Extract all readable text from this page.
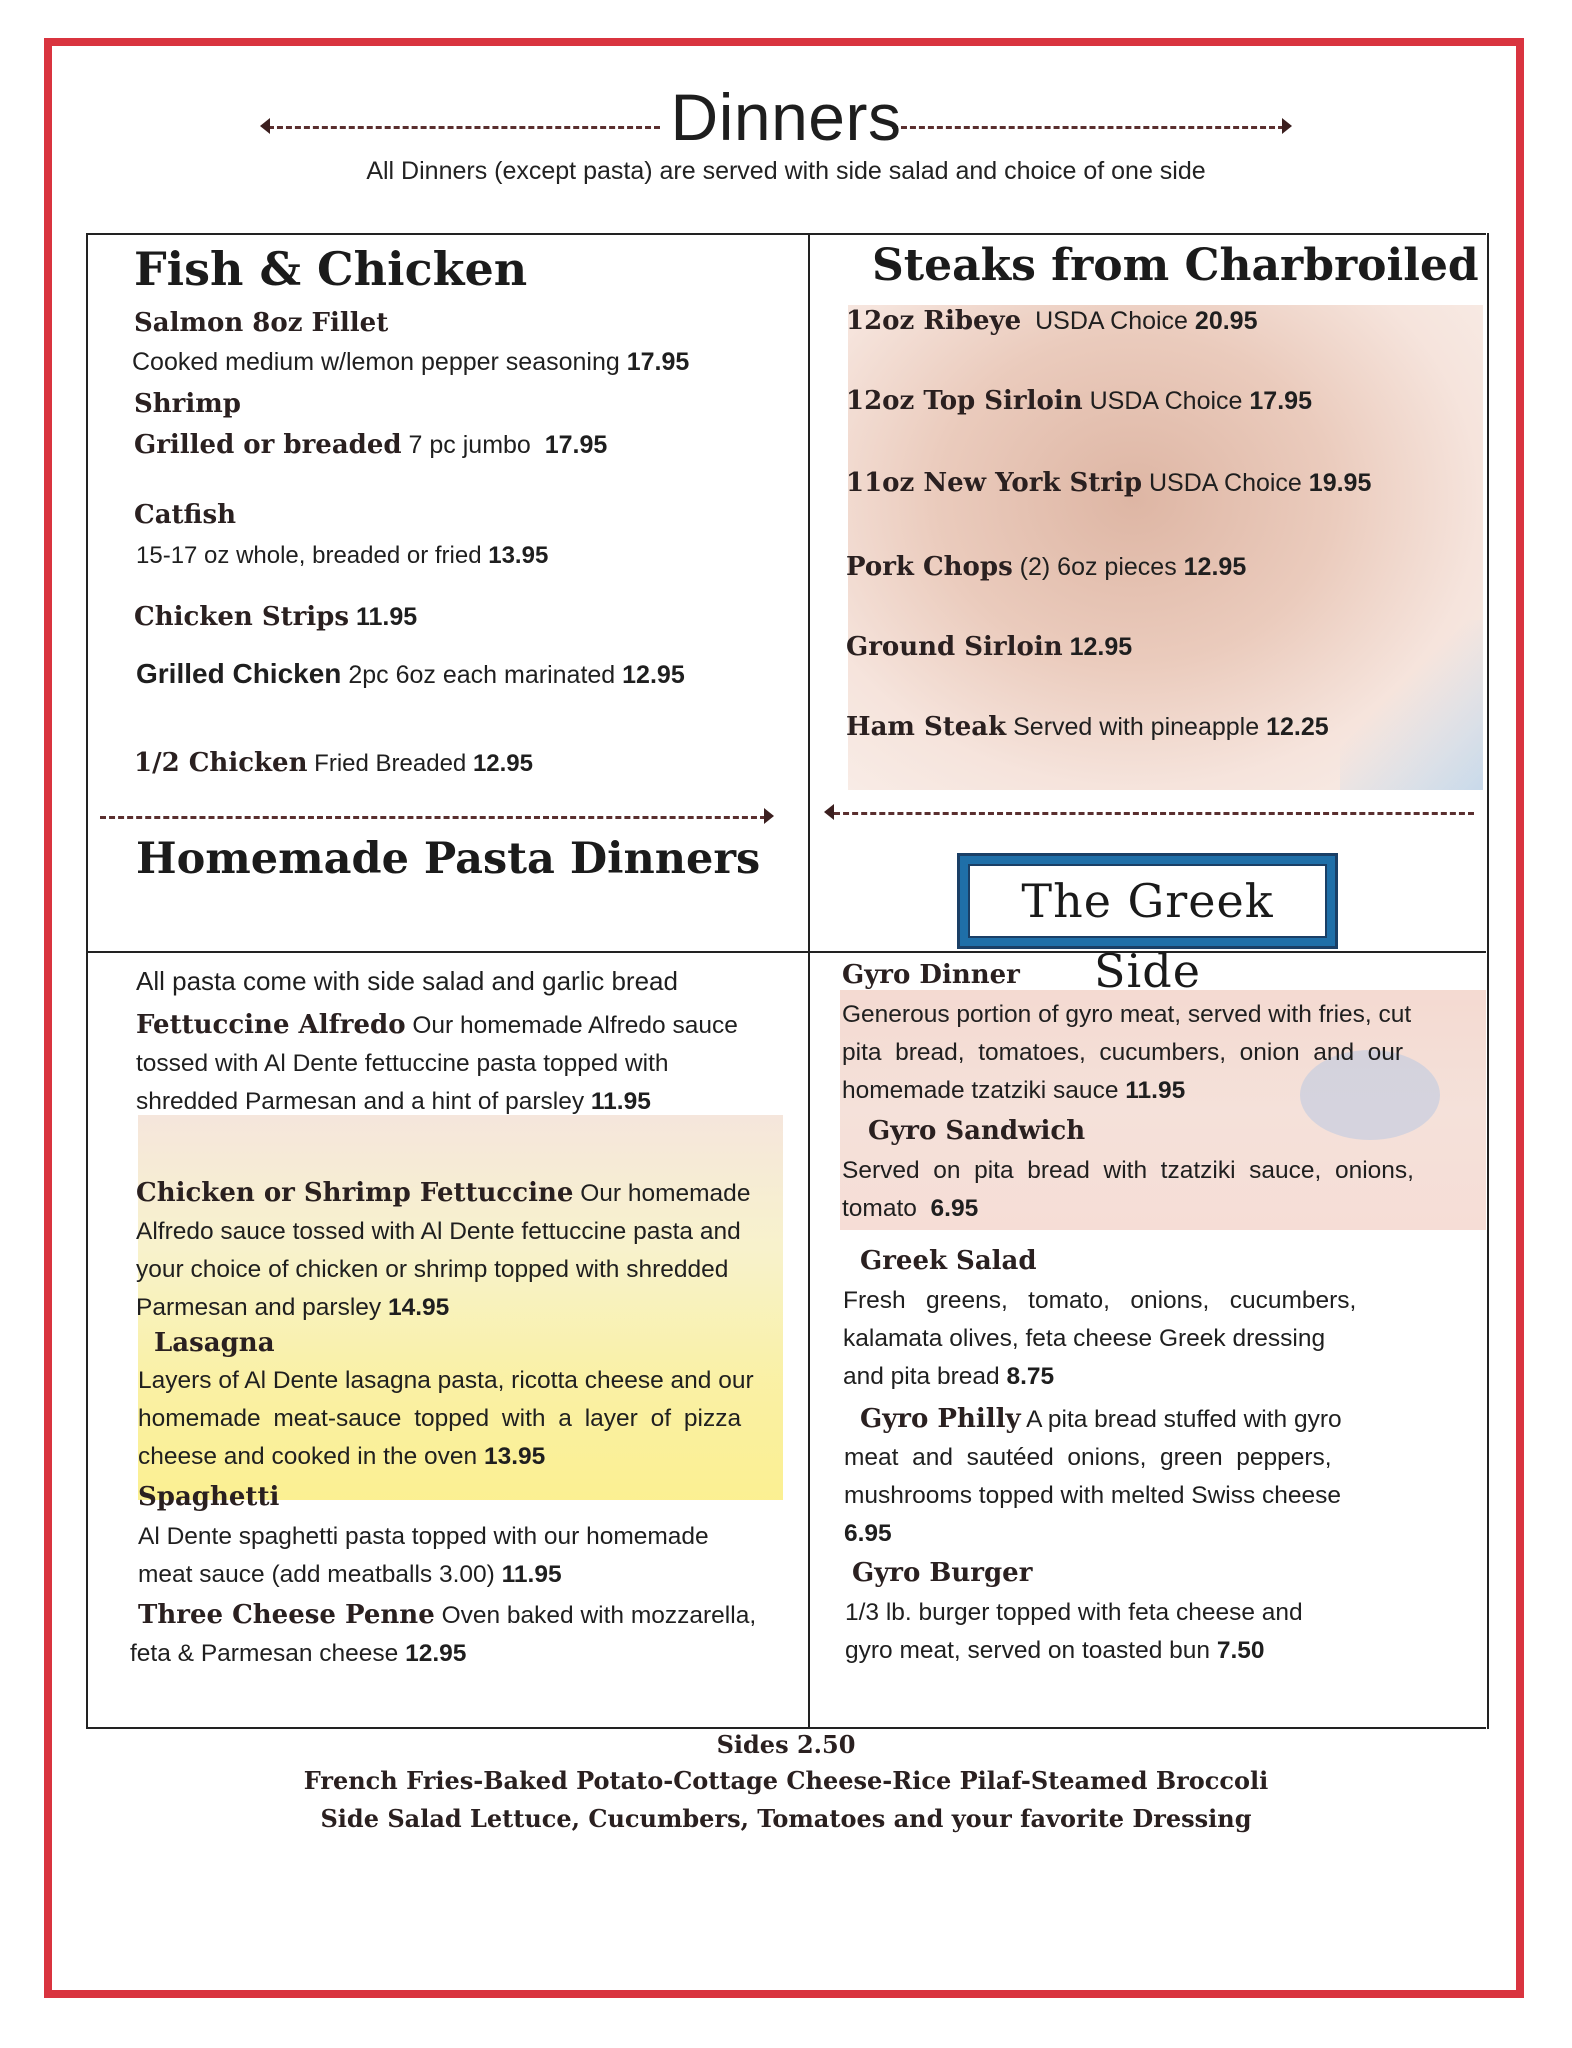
Dinners
All Dinners (except pasta) are served with side salad and choice of one side
Fish & Chicken
Salmon 8oz Fillet
Cooked medium w/lemon pepper seasoning 17.95
Shrimp
Grilled or breaded 7 pc jumbo 17.95
Catfish
15-17 oz whole, breaded or fried 13.95
Chicken Strips 11.95
Grilled Chicken 2pc 6oz each marinated 12.95
1/2 Chicken Fried Breaded 12.95
Steaks from Charbroiled
12oz Ribeye USDA Choice 20.95
12oz Top Sirloin USDA Choice 17.95
11oz New York Strip USDA Choice 19.95
Pork Chops (2) 6oz pieces 12.95
Ground Sirloin 12.95
Ham Steak Served with pineapple 12.25
Homemade Pasta Dinners
The Greek Side
All pasta come with side salad and garlic bread
Fettuccine Alfredo Our homemade Alfredo sauce
tossed with Al Dente fettuccine pasta topped with
shredded Parmesan and a hint of parsley 11.95
Chicken or Shrimp Fettuccine Our homemade
Alfredo sauce tossed with Al Dente fettuccine pasta and
your choice of chicken or shrimp topped with shredded
Parmesan and parsley 14.95
Lasagna
Layers of Al Dente lasagna pasta, ricotta cheese and our
homemade meat-sauce topped with a layer of pizza
cheese and cooked in the oven 13.95
Spaghetti
Al Dente spaghetti pasta topped with our homemade
meat sauce (add meatballs 3.00) 11.95
Three Cheese Penne Oven baked with mozzarella,
feta & Parmesan cheese 12.95
Gyro Dinner
Generous portion of gyro meat, served with fries, cut
pita  bread,  tomatoes,  cucumbers,  onion  and  our
homemade tzatziki sauce 11.95
Gyro Sandwich
Served  on  pita  bread  with  tzatziki  sauce,  onions,
tomato 6.95
Greek Salad
Fresh   greens,   tomato,   onions,   cucumbers,
kalamata olives, feta cheese Greek dressing
and pita bread 8.75
Gyro Philly A pita bread stuffed with gyro
meat  and  sautéed  onions,  green  peppers,
mushrooms topped with melted Swiss cheese
6.95
Gyro Burger
1/3 lb. burger topped with feta cheese and
gyro meat, served on toasted bun 7.50
Sides 2.50
French Fries-Baked Potato-Cottage Cheese-Rice Pilaf-Steamed Broccoli
Side Salad Lettuce, Cucumbers, Tomatoes and your favorite Dressing
